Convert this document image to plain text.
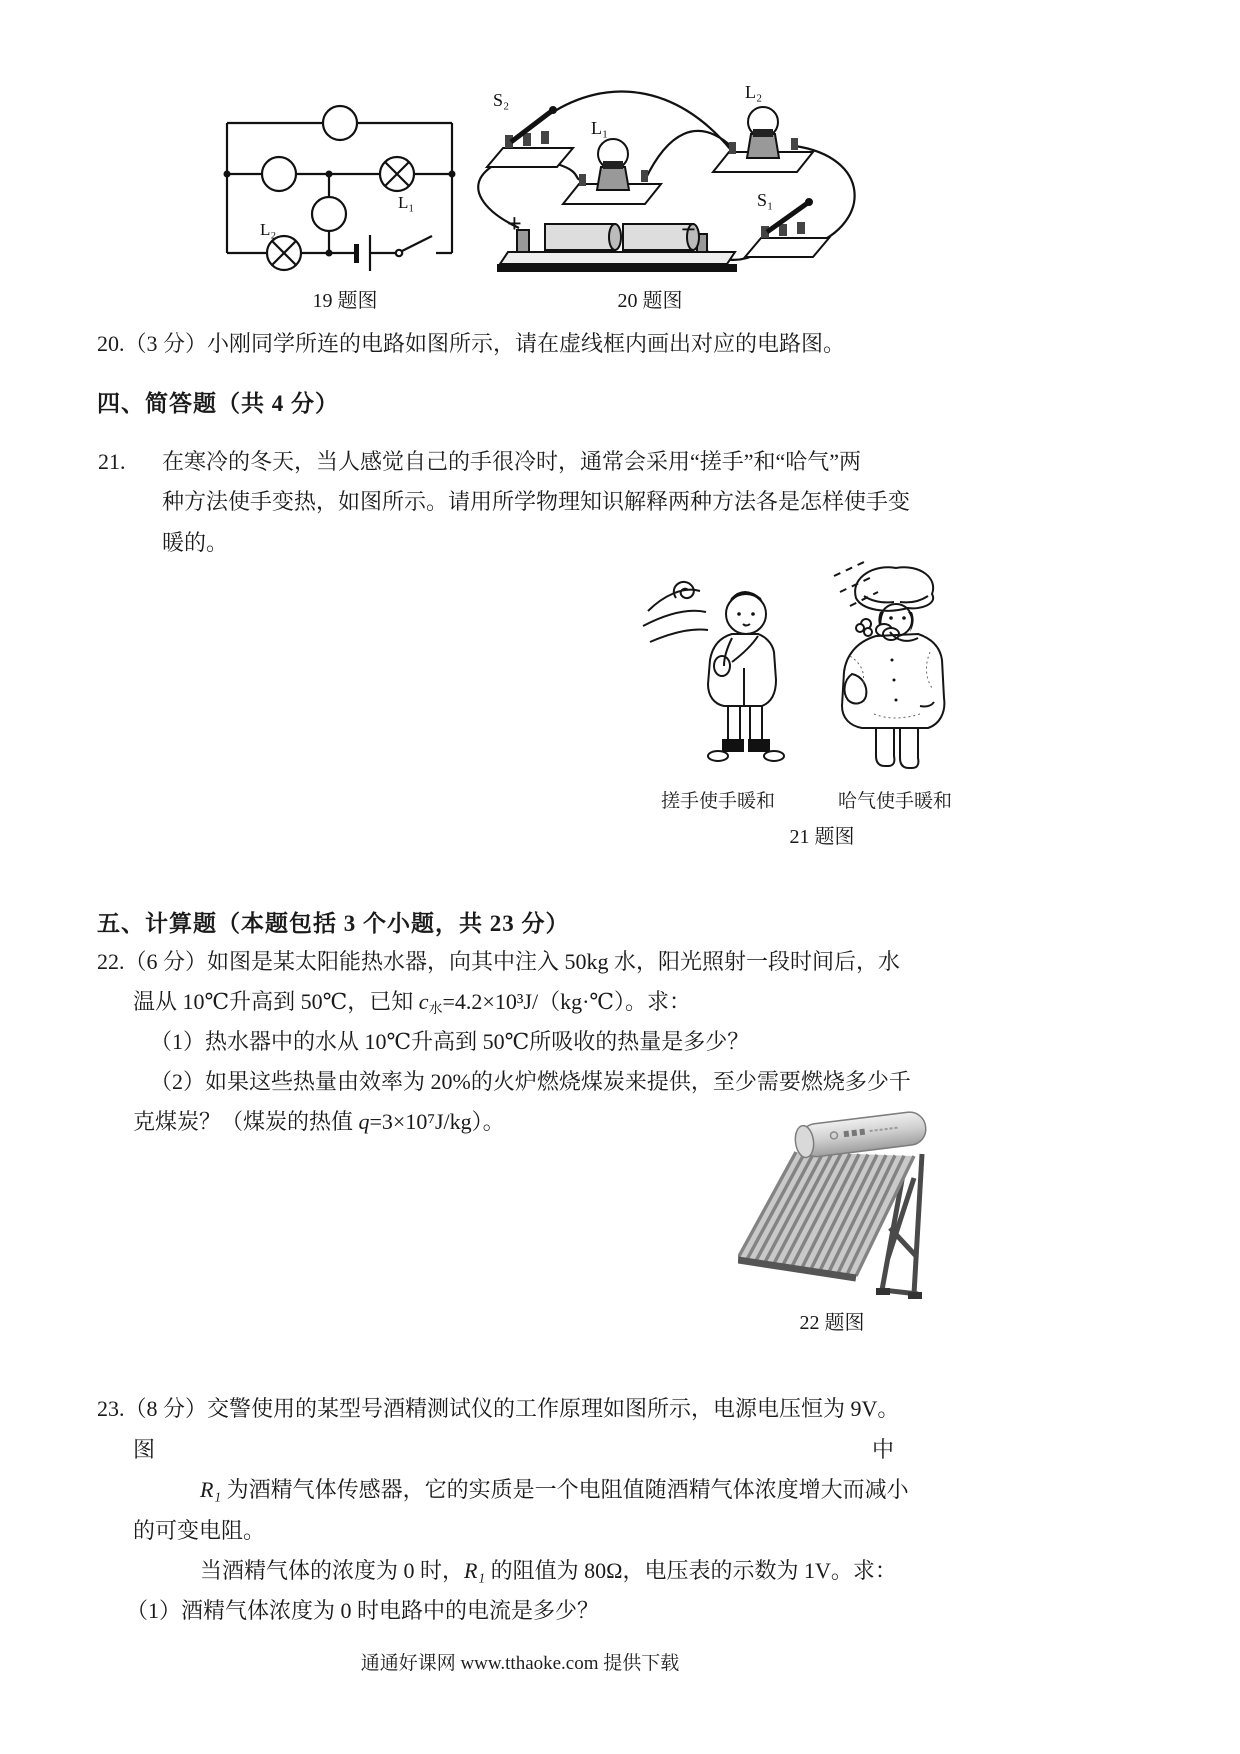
L₁
L₂
S₂
L₁
L₂
S₁
+	−
19 题图	20 题图
20.（3 分）小刚同学所连的电路如图所示，请在虚线框内画出对应的电路图。
四、简答题（共 4 分）
21. 在寒冷的冬天，当人感觉自己的手很冷时，通常会采用“搓手”和“哈气”两
种方法使手变热，如图所示。请用所学物理知识解释两种方法各是怎样使手变
暖的。
搓手使手暖和	哈气使手暖和
21 题图
五、计算题（本题包括 3 个小题，共 23 分）
22.（6 分）如图是某太阳能热水器，向其中注入 50kg 水，阳光照射一段时间后，水
温从 10℃升高到 50℃，已知 c水=4.2×10³J/（kg·℃）。求：
（1）热水器中的水从 10℃升高到 50℃所吸收的热量是多少？
（2）如果这些热量由效率为 20%的火炉燃烧煤炭来提供，至少需要燃烧多少千
克煤炭？（煤炭的热值 q=3×10⁷J/kg）。
22 题图
23.（8 分）交警使用的某型号酒精测试仪的工作原理如图所示，电源电压恒为 9V。
图	中
R₁ 为酒精气体传感器，它的实质是一个电阻值随酒精气体浓度增大而减小
的可变电阻。
当酒精气体的浓度为 0 时，R₁ 的阻值为 80Ω，电压表的示数为 1V。求：
（1）酒精气体浓度为 0 时电路中的电流是多少？
通通好课网 www.tthaoke.com 提供下载
